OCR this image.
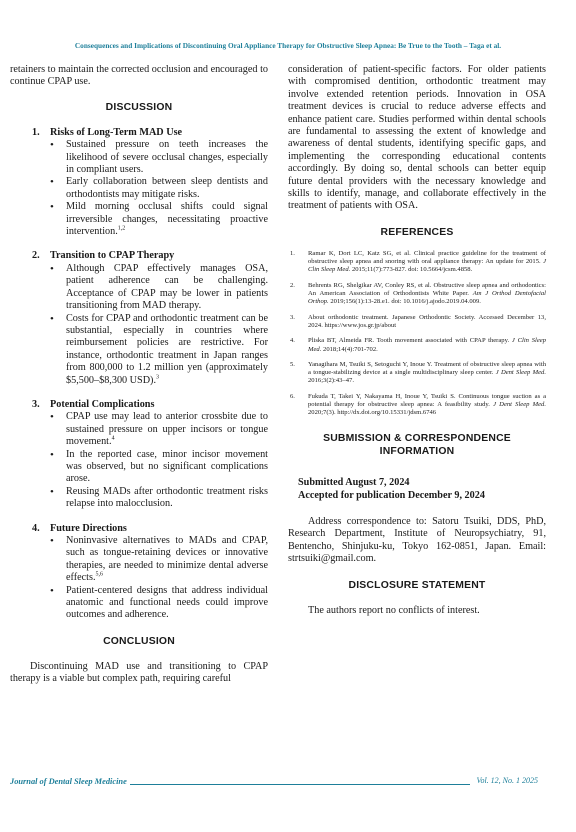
Consequences and Implications of Discontinuing Oral Appliance Therapy for Obstructive Sleep Apnea: Be True to the Tooth – Taga et al.

retainers to maintain the corrected occlusion and encouraged to continue CPAP use.

DISCUSSION
1. Risks of Long-Term MAD Use
• Sustained pressure on teeth increases the likelihood of severe occlusal changes, especially in compliant users.
• Early collaboration between sleep dentists and orthodontists may mitigate risks.
• Mild morning occlusal shifts could signal irreversible changes, necessitating proactive intervention.$^{1,2}$
2. Transition to CPAP Therapy
• Although CPAP effectively manages OSA, patient adherence can be challenging. Acceptance of CPAP may be lower in patients transitioning from MAD therapy.
• Costs for CPAP and orthodontic treatment can be substantial, especially in countries where reimbursement policies are restrictive. For instance, orthodontic treatment in Japan ranges from 800,000 to 1.2 million yen (approximately $5,500–$8,300 USD).$^3$
3. Potential Complications
• CPAP use may lead to anterior crossbite due to sustained pressure on upper incisors or tongue movement.$^4$
• In the reported case, minor incisor movement was observed, but no significant complications arose.
• Reusing MADs after orthodontic treatment risks relapse into malocclusion.
4. Future Directions
• Noninvasive alternatives to MADs and CPAP, such as tongue-retaining devices or innovative therapies, are needed to minimize dental adverse effects.$^{5,6}$
• Patient-centered designs that address individual anatomic and functional needs could improve outcomes and adherence.
CONCLUSION

Discontinuing MAD use and transitioning to CPAP therapy is a viable but complex path, requiring careful

consideration of patient-specific factors. For older patients with compromised dentition, orthodontic treatment may involve extended retention periods. Innovation in OSA treatment devices is crucial to reduce adverse effects and enhance patient care. Studies performed within dental schools are fundamental to assessing the extent of knowledge and awareness of dental students, identifying specific gaps, and implementing the corresponding educational contents accordingly. By doing so, dental schools can better equip future dental providers with the necessary knowledge and skills to identify, manage, and collaborate effectively in the treatment of patients with OSA.

REFERENCES
1. Ramar K, Dort LC, Katz SG, et al. Clinical practice guideline for the treatment of obstructive sleep apnea and snoring with oral appliance therapy: An update for 2015. J Clin Sleep Med. 2015;11(7):773-827. doi: 10.5664/jcsm.4858.
2. Behrents RG, Shelgikar AV, Conley RS, et al. Obstructive sleep apnea and orthodontics: An American Association of Orthodontists White Paper. Am J Orthod Dentofacial Orthop. 2019;156(1):13-28.e1. doi: 10.1016/j.ajodo.2019.04.009.
3. About orthodontic treatment. Japanese Orthodontic Society. Accessed December 13, 2024. https://www.jos.gr.jp/about
4. Pliska BT, Almeida FR. Tooth movement associated with CPAP therapy. J Clin Sleep Med. 2018;14(4):701-702.
5. Yanagihara M, Tsuiki S, Setoguchi Y, Inoue Y. Treatment of obstructive sleep apnea with a tongue-stabilizing device at a single multidisciplinary sleep center. J Dent Sleep Med. 2016;3(2):43–47.
6. Fukuda T, Takei Y, Nakayama H, Inoue Y, Tsuiki S. Continuous tongue suction as a potential therapy for obstructive sleep apnea: A feasibility study. J Dent Sleep Med. 2020;7(3). http://dx.doi.org/10.15331/jdsm.6746
SUBMISSION & CORRESPONDENCE
INFORMATION
Submitted August 7, 2024
Accepted for publication December 9, 2024

Address correspondence to: Satoru Tsuiki, DDS, PhD, Research Department, Institute of Neuropsychiatry, 91, Bentencho, Shinjuku-ku, Tokyo 162-0851, Japan. Email: strtsuiki@gmail.com.

DISCLOSURE STATEMENT

The authors report no conflicts of interest.

Journal of Dental Sleep Medicine	Vol. 12, No. 1 2025
